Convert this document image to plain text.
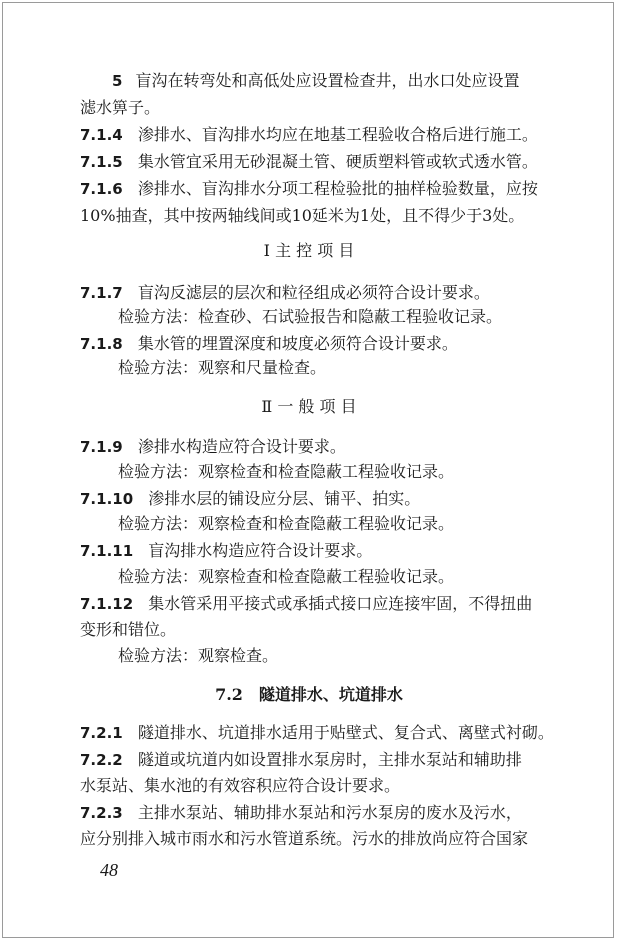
5 盲沟在转弯处和高低处应设置检查井，出水口处应设置
滤水箅子。
7.1.4 渗排水、盲沟排水均应在地基工程验收合格后进行施工。
7.1.5 集水管宜采用无砂混凝土管、硬质塑料管或软式透水管。
7.1.6 渗排水、盲沟排水分项工程检验批的抽样检验数量，应按
10%抽查，其中按两轴线间或10延米为1处，且不得少于3处。
Ⅰ 主 控 项 目
7.1.7 盲沟反滤层的层次和粒径组成必须符合设计要求。
检验方法：检查砂、石试验报告和隐蔽工程验收记录。
7.1.8 集水管的埋置深度和坡度必须符合设计要求。
检验方法：观察和尺量检查。
Ⅱ 一 般 项 目
7.1.9 渗排水构造应符合设计要求。
检验方法：观察检查和检查隐蔽工程验收记录。
7.1.10 渗排水层的铺设应分层、铺平、拍实。
检验方法：观察检查和检查隐蔽工程验收记录。
7.1.11 盲沟排水构造应符合设计要求。
检验方法：观察检查和检查隐蔽工程验收记录。
7.1.12 集水管采用平接式或承插式接口应连接牢固，不得扭曲
变形和错位。
检验方法：观察检查。
7.2　隧道排水、坑道排水
7.2.1 隧道排水、坑道排水适用于贴壁式、复合式、离壁式衬砌。
7.2.2 隧道或坑道内如设置排水泵房时，主排水泵站和辅助排
水泵站、集水池的有效容积应符合设计要求。
7.2.3 主排水泵站、辅助排水泵站和污水泵房的废水及污水，
应分别排入城市雨水和污水管道系统。污水的排放尚应符合国家
48
